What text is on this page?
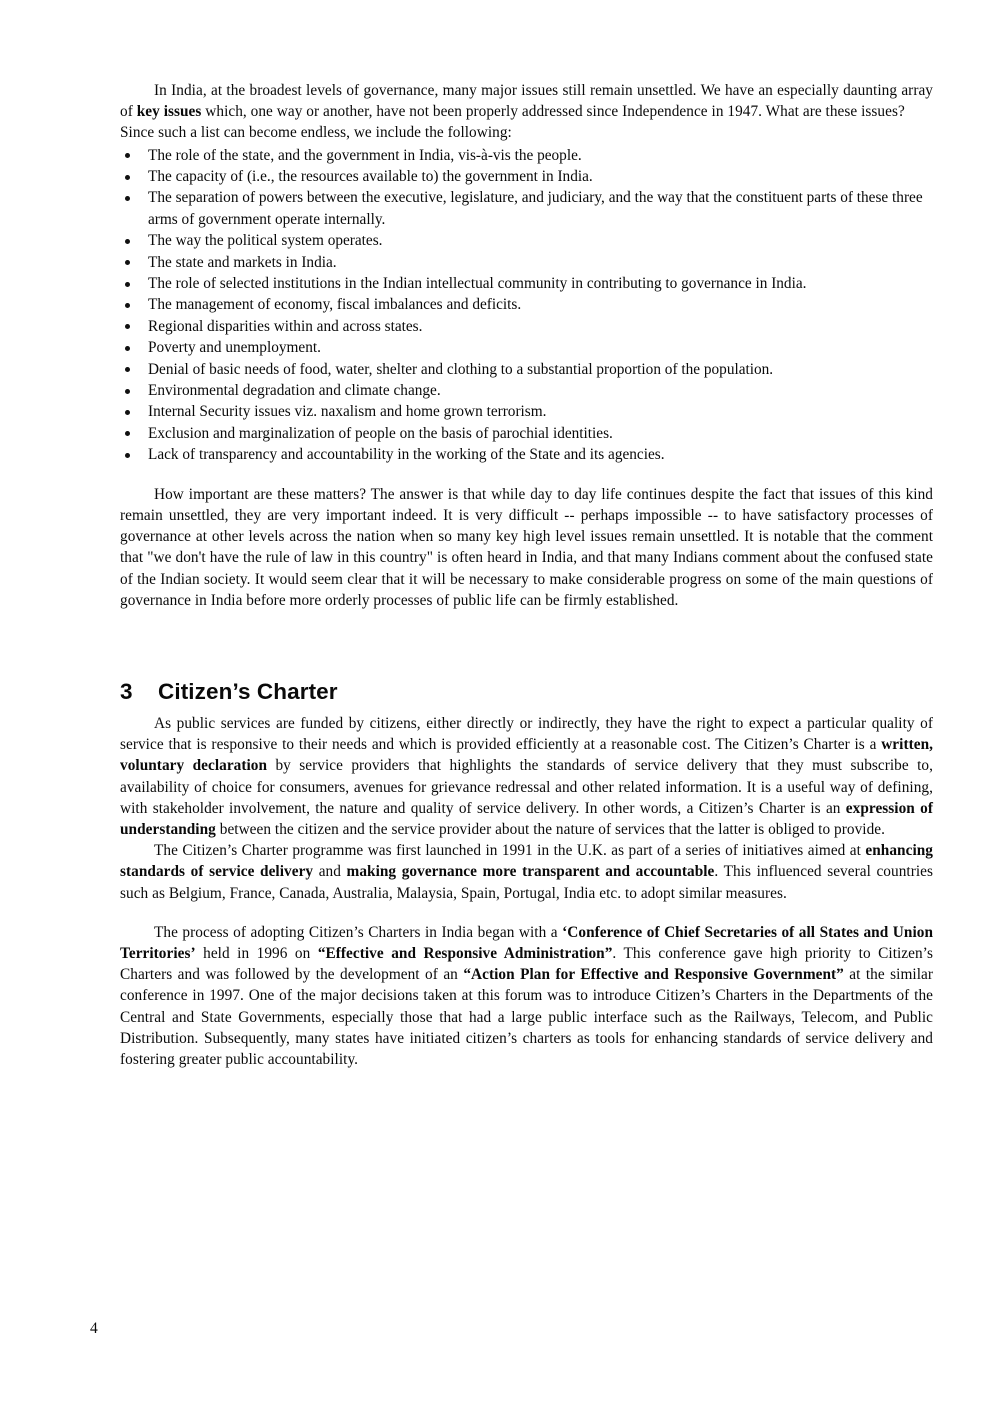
In India, at the broadest levels of governance, many major issues still remain unsettled. We have an especially daunting array of key issues which, one way or another, have not been properly addressed since Independence in 1947. What are these issues?

Since such a list can become endless, we include the following:

The role of the state, and the government in India, vis-à-vis the people.
The capacity of (i.e., the resources available to) the government in India.
The separation of powers between the executive, legislature, and judiciary, and the way that the constituent parts of these three arms of government operate internally.
The way the political system operates.
The state and markets in India.
The role of selected institutions in the Indian intellectual community in contributing to governance in India.
The management of economy, fiscal imbalances and deficits.
Regional disparities within and across states.
Poverty and unemployment.
Denial of basic needs of food, water, shelter and clothing to a substantial proportion of the population.
Environmental degradation and climate change.
Internal Security issues viz. naxalism and home grown terrorism.
Exclusion and marginalization of people on the basis of parochial identities.
Lack of transparency and accountability in the working of the State and its agencies.

How important are these matters? The answer is that while day to day life continues despite the fact that issues of this kind remain unsettled, they are very important indeed. It is very difficult -- perhaps impossible -- to have satisfactory processes of governance at other levels across the nation when so many key high level issues remain unsettled. It is notable that the comment that "we don't have the rule of law in this country" is often heard in India, and that many Indians comment about the confused state of the Indian society. It would seem clear that it will be necessary to make considerable progress on some of the main questions of governance in India before more orderly processes of public life can be firmly established.

3	Citizen’s Charter

As public services are funded by citizens, either directly or indirectly, they have the right to expect a particular quality of service that is responsive to their needs and which is provided efficiently at a reasonable cost. The Citizen’s Charter is a written, voluntary declaration by service providers that highlights the standards of service delivery that they must subscribe to, availability of choice for consumers, avenues for grievance redressal and other related information. It is a useful way of defining, with stakeholder involvement, the nature and quality of service delivery. In other words, a Citizen’s Charter is an expression of understanding between the citizen and the service provider about the nature of services that the latter is obliged to provide.

The Citizen’s Charter programme was first launched in 1991 in the U.K. as part of a series of initiatives aimed at enhancing standards of service delivery and making governance more transparent and accountable. This influenced several countries such as Belgium, France, Canada, Australia, Malaysia, Spain, Portugal, India etc. to adopt similar measures.

The process of adopting Citizen’s Charters in India began with a ‘Conference of Chief Secretaries of all States and Union Territories’ held in 1996 on “Effective and Responsive Administration”. This conference gave high priority to Citizen’s Charters and was followed by the development of an “Action Plan for Effective and Responsive Government” at the similar conference in 1997. One of the major decisions taken at this forum was to introduce Citizen’s Charters in the Departments of the Central and State Governments, especially those that had a large public interface such as the Railways, Telecom, and Public Distribution. Subsequently, many states have initiated citizen’s charters as tools for enhancing standards of service delivery and fostering greater public accountability.

4
